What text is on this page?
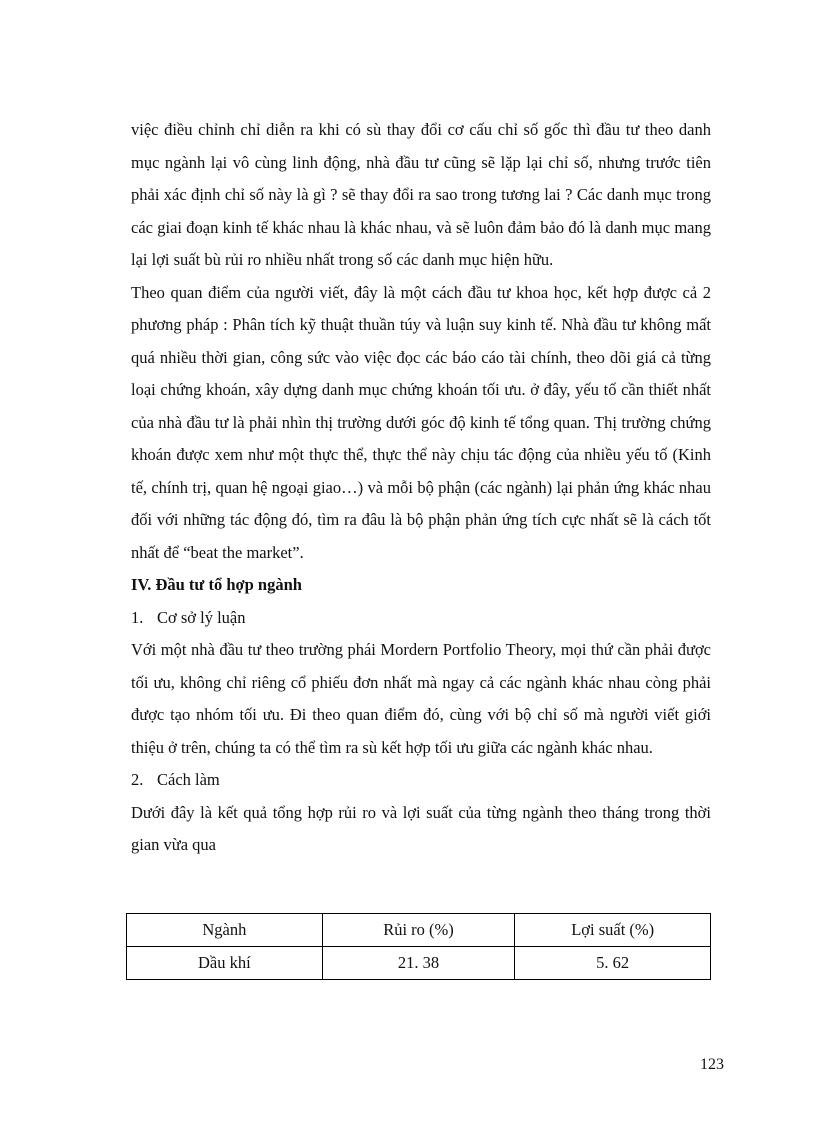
việc điều chỉnh chỉ diễn ra khi có sù thay đổi cơ cấu chỉ số gốc thì đầu tư theo danh mục ngành lại vô cùng linh động, nhà đầu tư cũng sẽ lặp lại chỉ số, nhưng trước tiên phải xác định chỉ số này là gì ? sẽ thay đổi ra sao trong tương lai ? Các danh mục trong các giai đoạn kinh tế khác nhau là khác nhau, và sẽ luôn đảm bảo đó là danh mục mang lại lợi suất bù rủi ro nhiều nhất trong số các danh mục hiện hữu.

Theo quan điểm của người viết, đây là một cách đầu tư khoa học, kết hợp được cả 2 phương pháp : Phân tích kỹ thuật thuần túy và luận suy kinh tế. Nhà đầu tư không mất quá nhiều thời gian, công sức vào việc đọc các báo cáo tài chính, theo dõi giá cả từng loại chứng khoán, xây dựng danh mục chứng khoán tối ưu. ở đây, yếu tố cần thiết nhất của nhà đầu tư là phải nhìn thị trường dưới góc độ kinh tế tổng quan. Thị trường chứng khoán được xem như một thực thể, thực thể này chịu tác động của nhiều yếu tố (Kinh tế, chính trị, quan hệ ngoại giao…) và mỗi bộ phận (các ngành) lại phản ứng khác nhau đối với những tác động đó, tìm ra đâu là bộ phận phản ứng tích cực nhất sẽ là cách tốt nhất để “beat the market”.

IV. Đầu tư tổ hợp ngành

1. Cơ sở lý luận

Với một nhà đầu tư theo trường phái Mordern Portfolio Theory, mọi thứ cần phải được tối ưu, không chỉ riêng cổ phiếu đơn nhất mà ngay cả các ngành khác nhau còng phải được tạo nhóm tối ưu. Đi theo quan điểm đó, cùng với bộ chỉ số mà người viết giới thiệu ở trên, chúng ta có thể tìm ra sù kết hợp tối ưu giữa các ngành khác nhau.

2. Cách làm

Dưới đây là kết quả tổng hợp rủi ro và lợi suất của từng ngành theo tháng trong thời gian vừa qua

Ngành	Rủi ro (%)	Lợi suất (%)
Dầu khí	21. 38	5. 62
123
